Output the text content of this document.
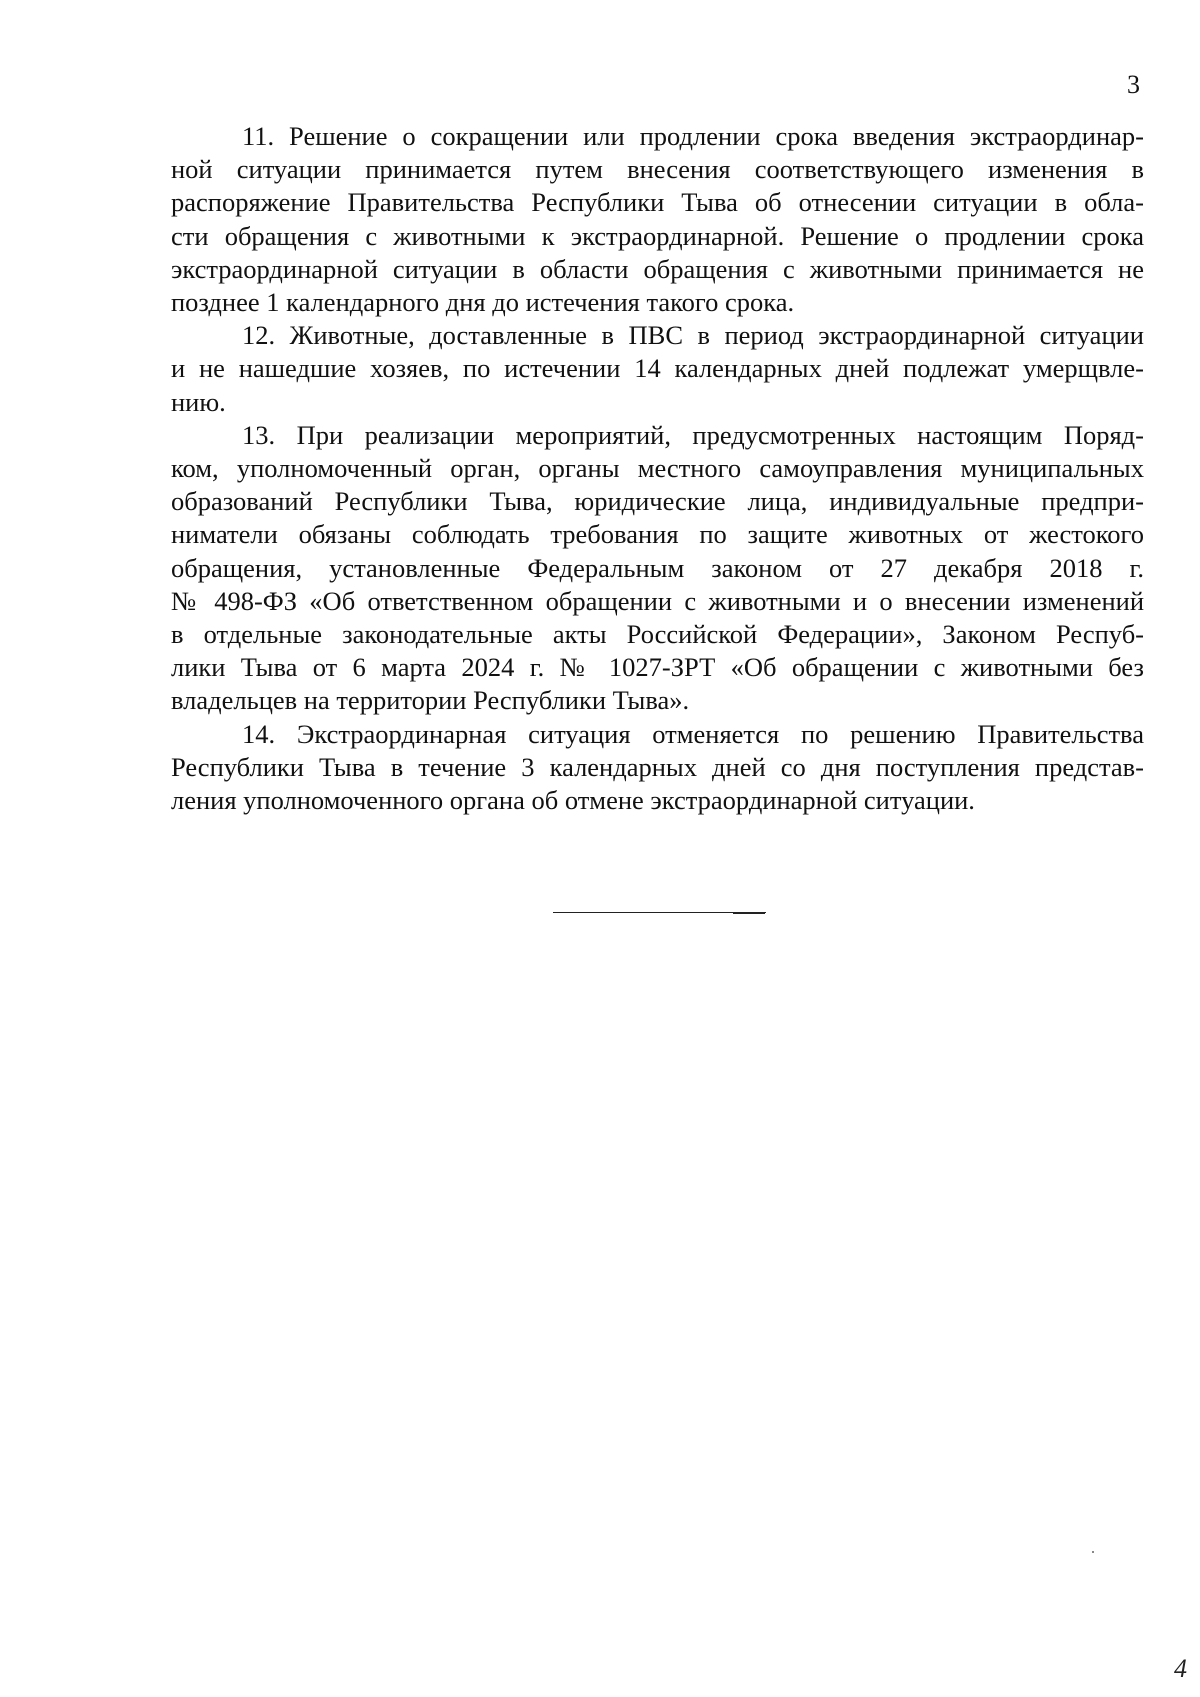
3

11. Решение о сокращении или продлении срока введения экстраординар-
ной ситуации принимается путем внесения соответствующего изменения в
распоряжение Правительства Республики Тыва об отнесении ситуации в обла-
сти обращения с животными к экстраординарной. Решение о продлении срока
экстраординарной ситуации в области обращения с животными принимается не
позднее 1 календарного дня до истечения такого срока.

12. Животные, доставленные в ПВС в период экстраординарной ситуации
и не нашедшие хозяев, по истечении 14 календарных дней подлежат умерщвле-
нию.

13. При реализации мероприятий, предусмотренных настоящим Поряд-
ком, уполномоченный орган, органы местного самоуправления муниципальных
образований Республики Тыва, юридические лица, индивидуальные предпри-
ниматели обязаны соблюдать требования по защите животных от жестокого
обращения, установленные Федеральным законом от 27 декабря 2018 г.
№ 498-ФЗ «Об ответственном обращении с животными и о внесении изменений
в отдельные законодательные акты Российской Федерации», Законом Респуб-
лики Тыва от 6 марта 2024 г. № 1027-ЗРТ «Об обращении с животными без
владельцев на территории Республики Тыва».

14. Экстраординарная ситуация отменяется по решению Правительства
Республики Тыва в течение 3 календарных дней со дня поступления представ-
ления уполномоченного органа об отмене экстраординарной ситуации.

4
